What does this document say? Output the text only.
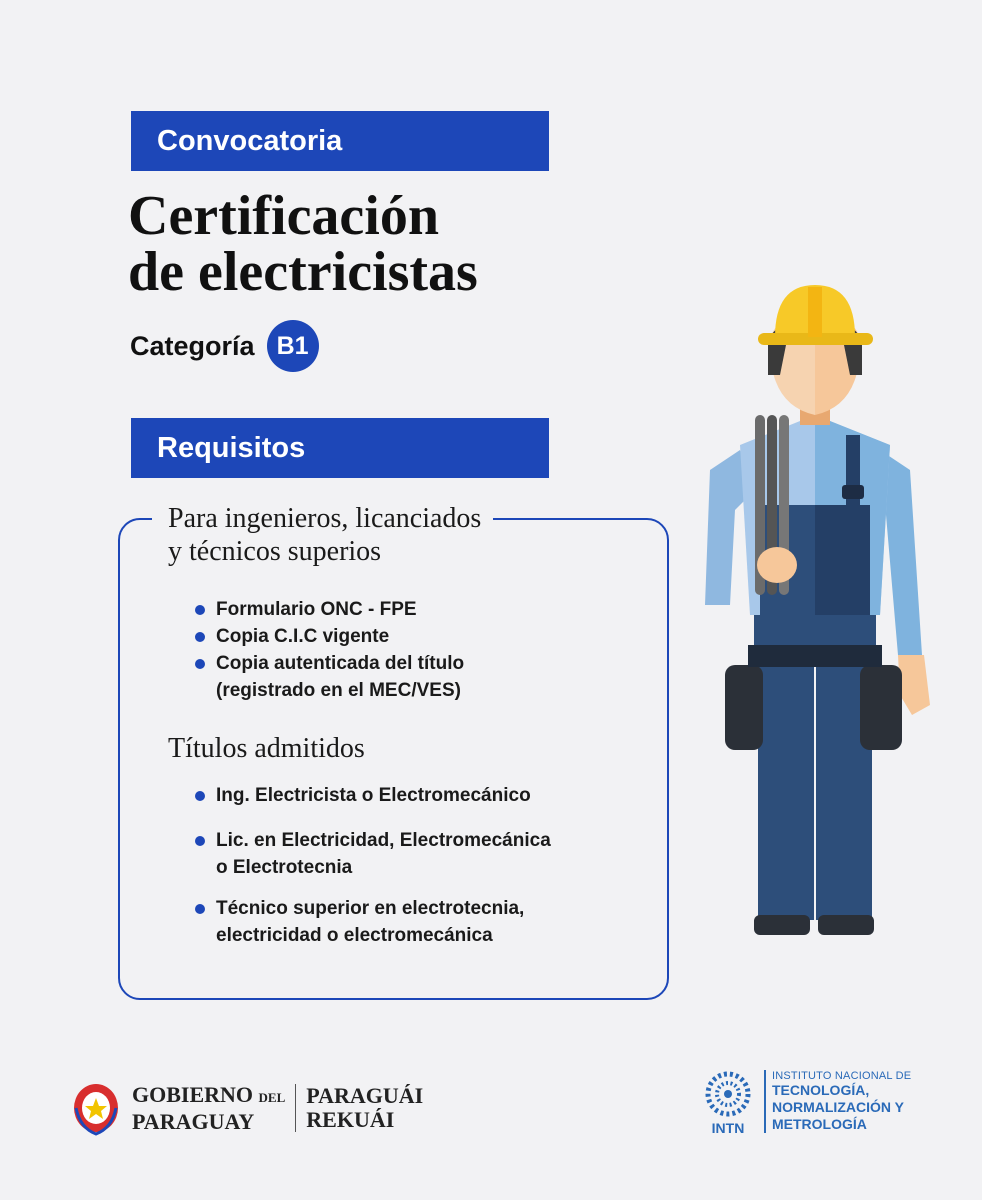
Convocatoria
Certificación
de electricistas
Categoría B1
Requisitos
Para ingenieros, licanciados
y técnicos superios
Formulario ONC - FPE
Copia C.I.C vigente
Copia autenticada del título
(registrado en el MEC/VES)
Títulos admitidos
Ing. Electricista o Electromecánico
Lic. en Electricidad, Electromecánica
o Electrotecnia
Técnico superior en electrotecnia,
electricidad o electromecánica
GOBIERNO DEL
PARAGUAY
PARAGUÁI
REKUÁI	INTN
INSTITUTO NACIONAL DE
TECNOLOGÍA,
NORMALIZACIÓN Y
METROLOGÍA
